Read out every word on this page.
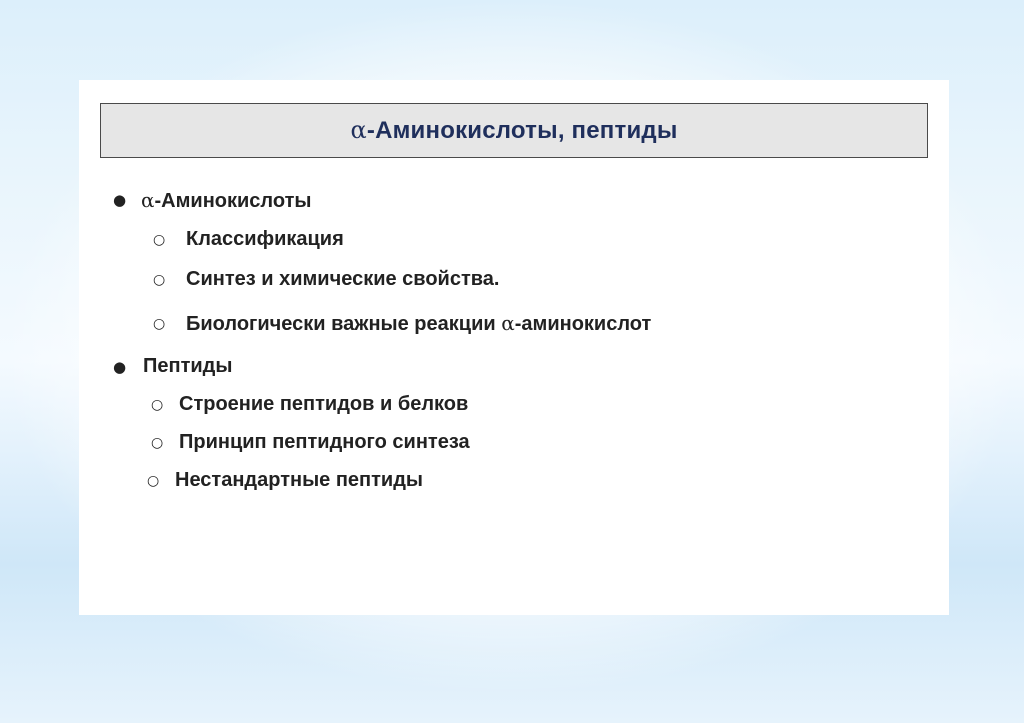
α-Аминокислоты, пептиды
● α-Аминокислоты
○ Классификация
○ Синтез и химические свойства.
○ Биологически важные реакции α-аминокислот
● Пептиды
○ Строение пептидов и белков
○ Принцип пептидного синтеза
○ Нестандартные пептиды
